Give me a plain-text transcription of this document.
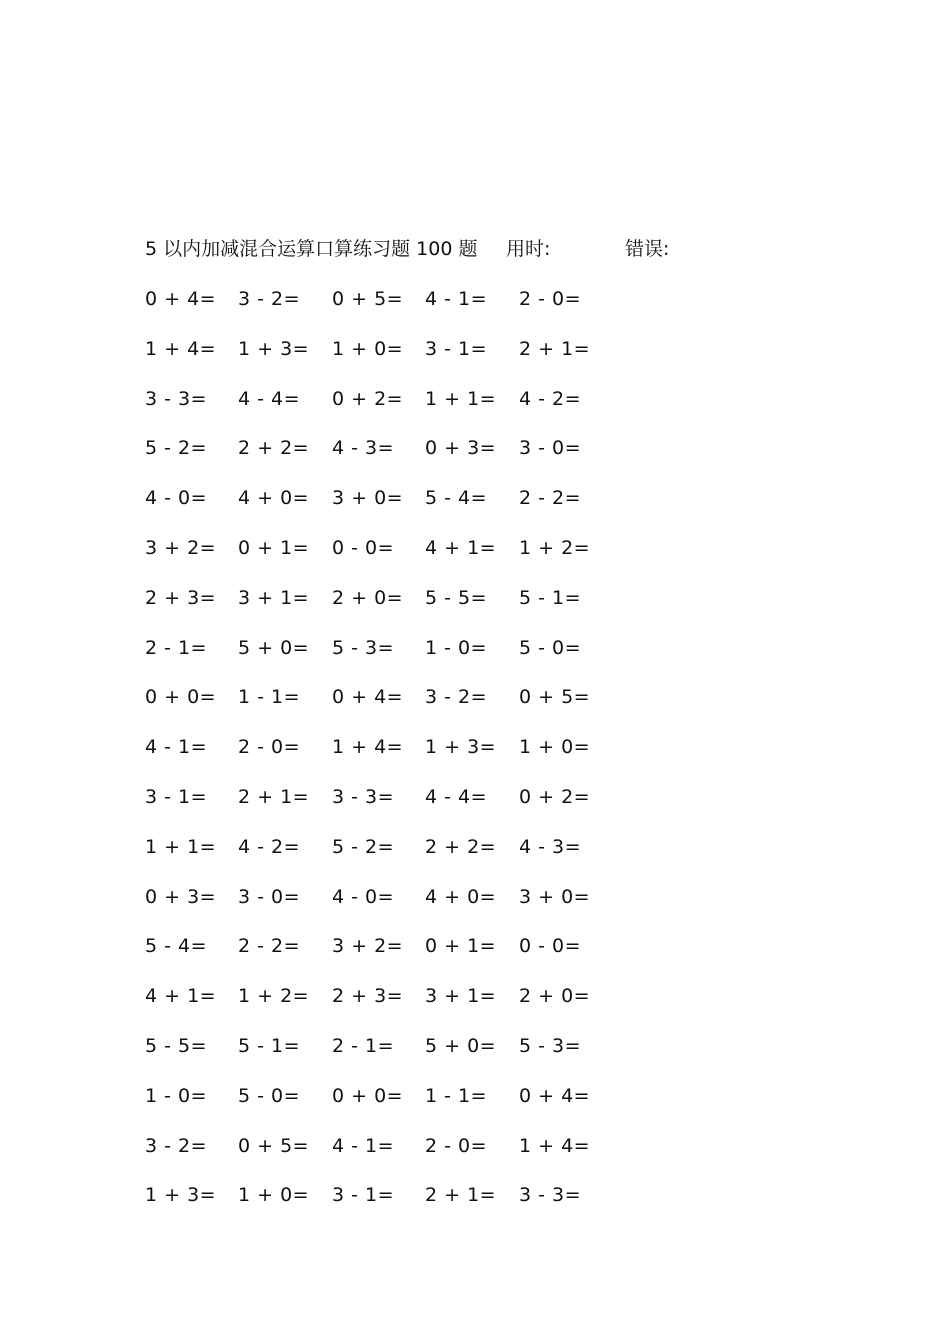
5 以内加减混合运算口算练习题 100 题 用时:	错误:
0 + 4= 3 - 2= 0 + 5= 4 - 1= 2 - 0=
1 + 4= 1 + 3= 1 + 0= 3 - 1= 2 + 1=
3 - 3= 4 - 4= 0 + 2= 1 + 1= 4 - 2=
5 - 2= 2 + 2= 4 - 3= 0 + 3= 3 - 0=
4 - 0= 4 + 0= 3 + 0= 5 - 4= 2 - 2=
3 + 2= 0 + 1= 0 - 0= 4 + 1= 1 + 2=
2 + 3= 3 + 1= 2 + 0= 5 - 5= 5 - 1=
2 - 1= 5 + 0= 5 - 3= 1 - 0= 5 - 0=
0 + 0= 1 - 1= 0 + 4= 3 - 2= 0 + 5=
4 - 1= 2 - 0= 1 + 4= 1 + 3= 1 + 0=
3 - 1= 2 + 1= 3 - 3= 4 - 4= 0 + 2=
1 + 1= 4 - 2= 5 - 2= 2 + 2= 4 - 3=
0 + 3= 3 - 0= 4 - 0= 4 + 0= 3 + 0=
5 - 4= 2 - 2= 3 + 2= 0 + 1= 0 - 0=
4 + 1= 1 + 2= 2 + 3= 3 + 1= 2 + 0=
5 - 5= 5 - 1= 2 - 1= 5 + 0= 5 - 3=
1 - 0= 5 - 0= 0 + 0= 1 - 1= 0 + 4=
3 - 2= 0 + 5= 4 - 1= 2 - 0= 1 + 4=
1 + 3= 1 + 0= 3 - 1= 2 + 1= 3 - 3=
